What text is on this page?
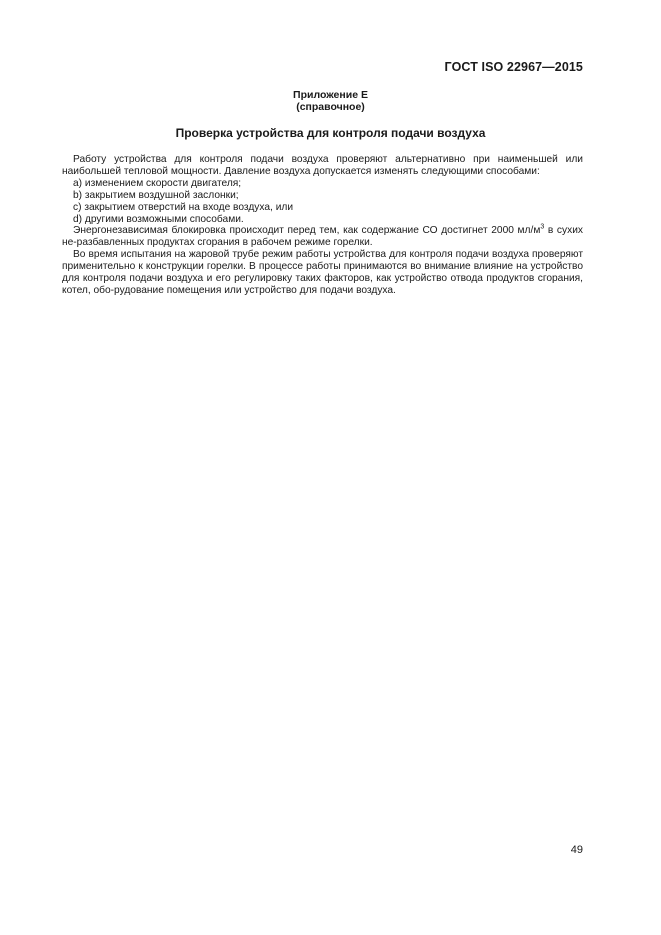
ГОСТ ISO 22967—2015
Приложение Е
(справочное)
Проверка устройства для контроля подачи воздуха

Работу устройства для контроля подачи воздуха проверяют альтернативно при наименьшей или наибольшей тепловой мощности. Давление воздуха допускается изменять следующими способами:

a) изменением скорости двигателя;

b) закрытием воздушной заслонки;

c) закрытием отверстий на входе воздуха, или

d) другими возможными способами.

Энергонезависимая блокировка происходит перед тем, как содержание СО достигнет 2000 $мл/м^3$ в сухих не-разбавленных продуктах сгорания в рабочем режиме горелки.

Во время испытания на жаровой трубе режим работы устройства для контроля подачи воздуха проверяют применительно к конструкции горелки. В процессе работы принимаются во внимание влияние на устройство для контроля подачи воздуха и его регулировку таких факторов, как устройство отвода продуктов сгорания, котел, обо-рудование помещения или устройство для подачи воздуха.

49
